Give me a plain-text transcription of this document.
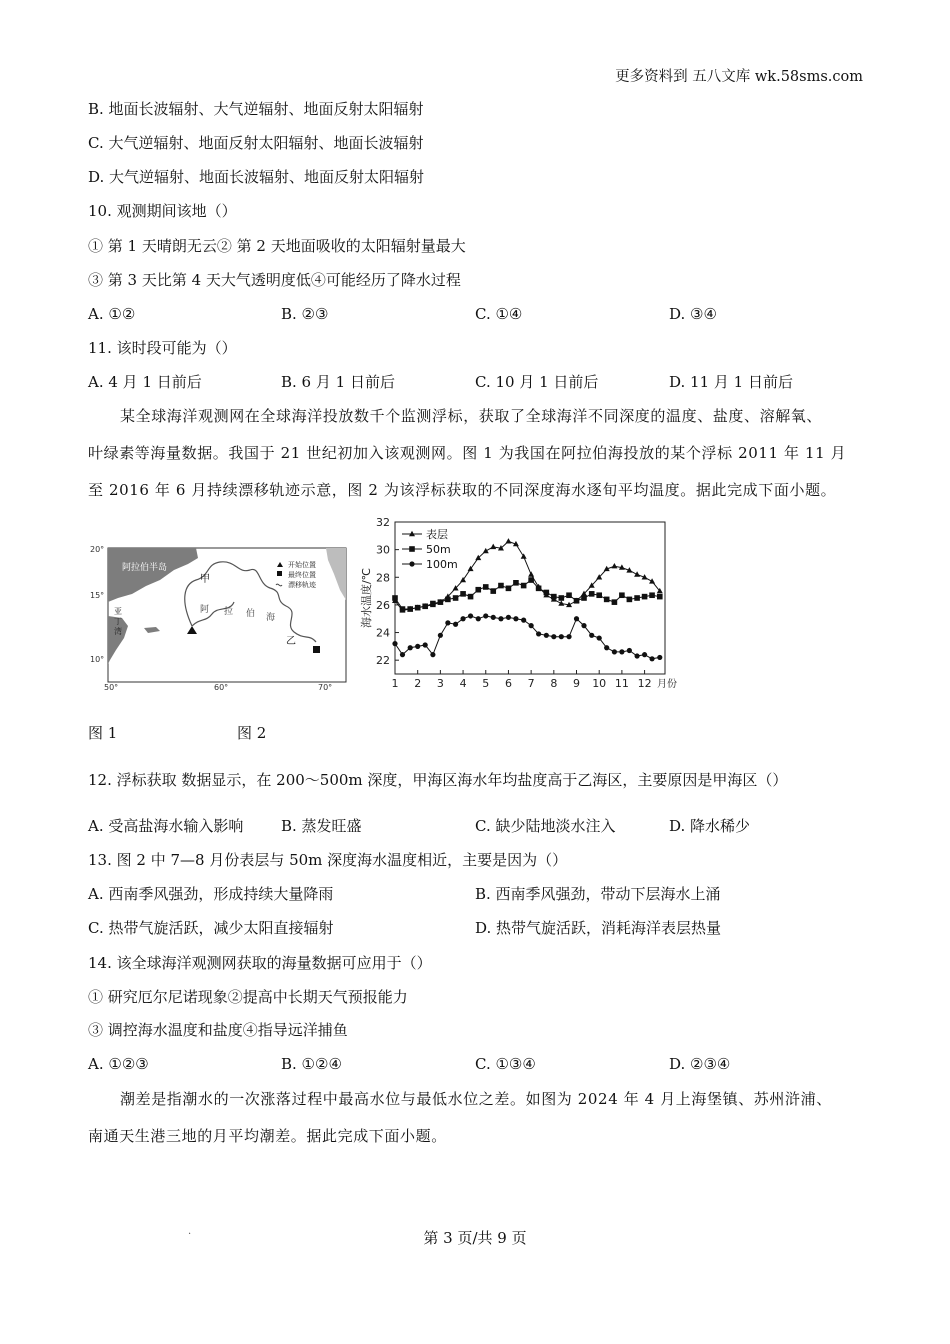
更多资料到 五八文库 wk.58sms.com
B. 地面长波辐射、大气逆辐射、地面反射太阳辐射
C. 大气逆辐射、地面反射太阳辐射、地面长波辐射
D. 大气逆辐射、地面长波辐射、地面反射太阳辐射
10. 观测期间该地（）
① 第 1 天晴朗无云② 第 2 天地面吸收的太阳辐射量最大
③ 第 3 天比第 4 天大气透明度低④可能经历了降水过程
A. ①②	B. ②③	C. ①④	D. ③④
11. 该时段可能为（）
A. 4 月 1 日前后	B. 6 月 1 日前后	C. 10 月 1 日前后	D. 11 月 1 日前后
某全球海洋观测网在全球海洋投放数千个监测浮标，获取了全球海洋不同深度的温度、盐度、溶解氧、
叶绿素等海量数据。我国于 21 世纪初加入该观测网。图 1 为我国在阿拉伯海投放的某个浮标 2011 年 11 月
至 2016 年 6 月持续漂移轨迹示意，图 2 为该浮标获取的不同深度海水逐旬平均温度。据此完成下面小题。
20°
15°
10°
50°	60°	70°
阿拉伯半岛
亚
丁
湾
阿 拉 伯 海
甲
乙
开始位置
最终位置
漂移轨迹
22
24
26
28
30
32
1 2 3 4 5 6 7 8 9 10 11 12 月份
海水温度/℃
表层
50m
100m
图 1	图 2
12. 浮标获取 数据显示，在 200～500m 深度，甲海区海水年均盐度高于乙海区，主要原因是甲海区（）
A. 受高盐海水输入影响	B. 蒸发旺盛	C. 缺少陆地淡水注入	D. 降水稀少
13. 图 2 中 7—8 月份表层与 50m 深度海水温度相近，主要是因为（）
A. 西南季风强劲，形成持续大量降雨	B. 西南季风强劲，带动下层海水上涌
C. 热带气旋活跃，减少太阳直接辐射	D. 热带气旋活跃，消耗海洋表层热量
14. 该全球海洋观测网获取的海量数据可应用于（）
① 研究厄尔尼诺现象②提高中长期天气预报能力
③ 调控海水温度和盐度④指导远洋捕鱼
A. ①②③	B. ①②④	C. ①③④	D. ②③④
潮差是指潮水的一次涨落过程中最高水位与最低水位之差。如图为 2024 年 4 月上海堡镇、苏州浒浦、
南通天生港三地的月平均潮差。据此完成下面小题。
.	第 3 页/共 9 页
